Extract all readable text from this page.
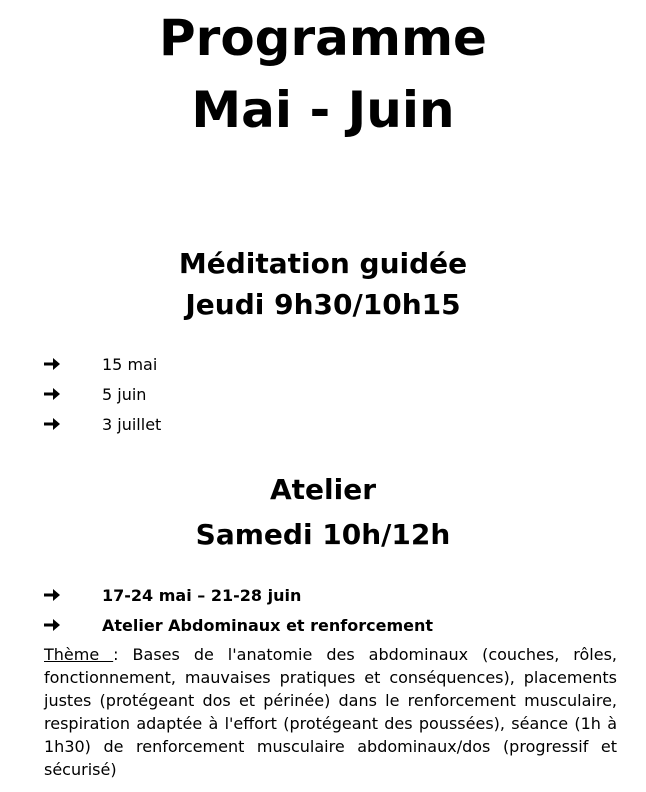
Programme
Mai - Juin
Méditation guidée
Jeudi 9h30/10h15
15 mai
5 juin
3 juillet
Atelier
Samedi 10h/12h
17-24 mai – 21-28 juin
Atelier Abdominaux et renforcement

Thème : Bases de l'anatomie des abdominaux (couches, rôles, fonctionnement, mauvaises pratiques et conséquences), placements justes (protégeant dos et périnée) dans le renforcement musculaire, respiration adaptée à l'effort (protégeant des poussées), séance (1h à 1h30) de renforcement musculaire abdominaux/dos (progressif et sécurisé)
